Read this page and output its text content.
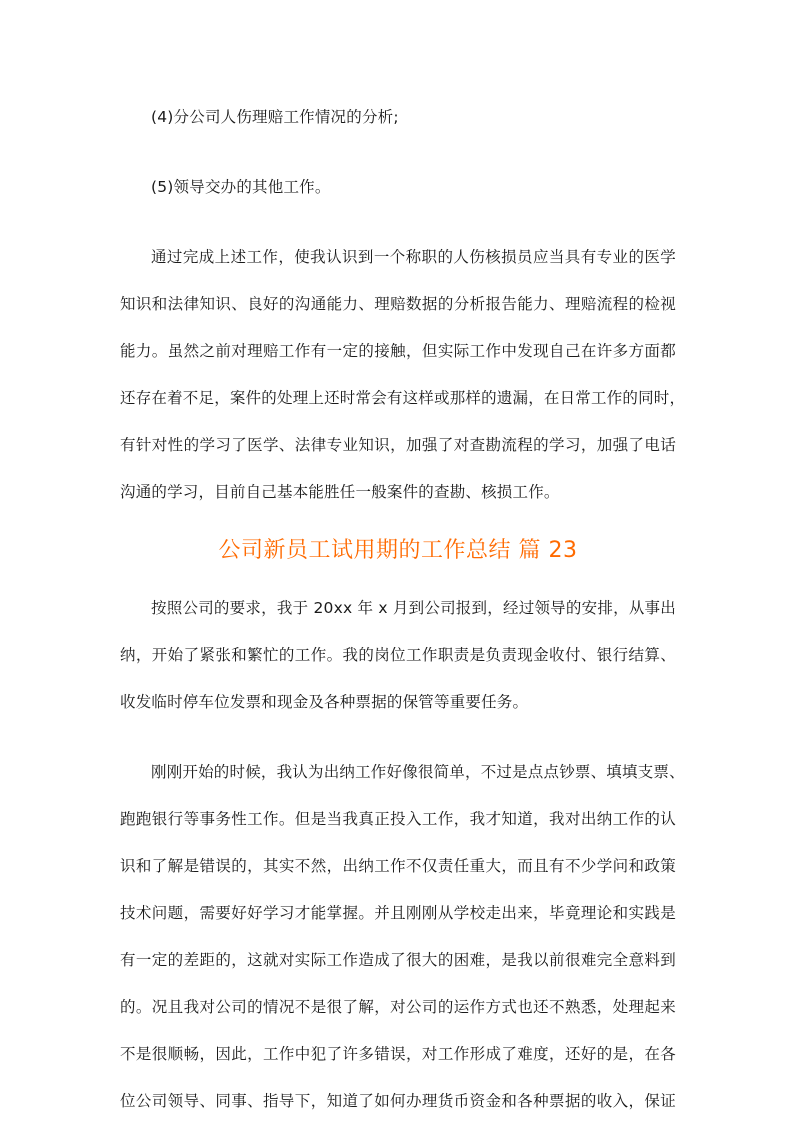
(4)分公司人伤理赔工作情况的分析;
(5)领导交办的其他工作。
通过完成上述工作，使我认识到一个称职的人伤核损员应当具有专业的医学
知识和法律知识、良好的沟通能力、理赔数据的分析报告能力、理赔流程的检视
能力。虽然之前对理赔工作有一定的接触，但实际工作中发现自己在许多方面都
还存在着不足，案件的处理上还时常会有这样或那样的遗漏，在日常工作的同时，
有针对性的学习了医学、法律专业知识，加强了对查勘流程的学习，加强了电话
沟通的学习，目前自己基本能胜任一般案件的查勘、核损工作。
公司新员工试用期的工作总结 篇 23
按照公司的要求，我于 20xx 年 x 月到公司报到，经过领导的安排，从事出
纳，开始了紧张和繁忙的工作。我的岗位工作职责是负责现金收付、银行结算、
收发临时停车位发票和现金及各种票据的保管等重要任务。
刚刚开始的时候，我认为出纳工作好像很简单，不过是点点钞票、填填支票、
跑跑银行等事务性工作。但是当我真正投入工作，我才知道，我对出纳工作的认
识和了解是错误的，其实不然，出纳工作不仅责任重大，而且有不少学问和政策
技术问题，需要好好学习才能掌握。并且刚刚从学校走出来，毕竟理论和实践是
有一定的差距的，这就对实际工作造成了很大的困难，是我以前很难完全意料到
的。况且我对公司的情况不是很了解，对公司的运作方式也还不熟悉，处理起来
不是很顺畅，因此，工作中犯了许多错误，对工作形成了难度，还好的是，在各
位公司领导、同事、指导下，知道了如何办理货币资金和各种票据的收入，保证
